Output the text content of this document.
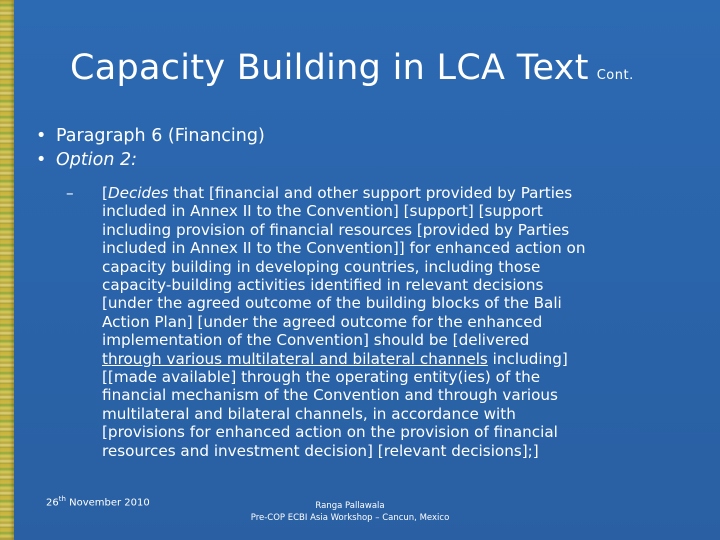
Capacity Building in LCA Text Cont.
• Paragraph 6 (Financing)
• Option 2:
– [Decides that [financial and other support provided by Parties
included in Annex II to the Convention] [support] [support
including provision of financial resources [provided by Parties
included in Annex II to the Convention]] for enhanced action on
capacity building in developing countries, including those
capacity-building activities identified in relevant decisions
[under the agreed outcome of the building blocks of the Bali
Action Plan] [under the agreed outcome for the enhanced
implementation of the Convention] should be [delivered
through various multilateral and bilateral channels including]
[[made available] through the operating entity(ies) of the
financial mechanism of the Convention and through various
multilateral and bilateral channels, in accordance with
[provisions for enhanced action on the provision of financial
resources and investment decision] [relevant decisions];]
26th November 2010	Ranga Pallawala
Pre-COP ECBI Asia Workshop – Cancun, Mexico
